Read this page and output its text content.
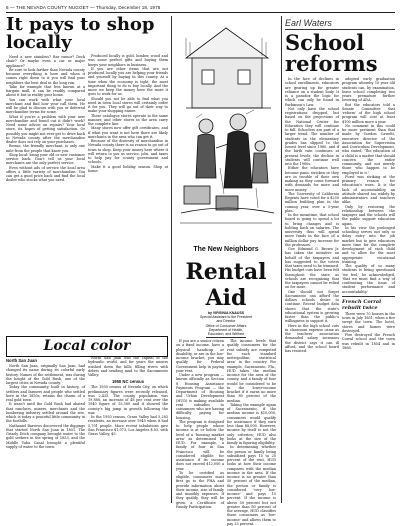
6 — THE NEVADA COUNTY NUGGET — Thursday, December 18, 1975
It pays to shop locally

Need a new stainless? Bar rumor? Deck chair? Or maybe even a car or major appliance?

Be sure to look farther than Nevada county because everything is here and when it comes right down to it you will find your neighbors the best deal in the long run.

Take for example that less known at a bargain mall, it can be readily compared about it but in reality your home.

You can work with what your local merchant and find how your call them. He will be glad to discuss with you or deferred merchandise terms for some.

What if you're a problem with your new merchandise and found out it didn't work? Need some advice on repairs? Your local store, its hopes of getting satisfaction. Or possibly you might not ever get to drive back to Nevada county after the merchandise dealer does not rely on your purchases.

Bernie, the friendly merchant, is only one mile from the people that know you.

Shop local: bring your old or new customer service back. Don't tell us your local merchants are the only perfect service.

Even without ads of service the local area offers a little variety of merchandise. You can get a good price back and find the local dealer who stocks what you need.

Produced locally is gold, lumber, wood and was some perfect gifts and buying them keeps your neighbors in business.

If you are other items that are not produced locally you are helping your friends and yourself by buying in this county. At a time when the economy is tight, the most important thing to do is buy locally. And the more we keep the money here the more it goes to work for us.

Should you not be able to find what you need in town local stores will certainly order it for you. They will go out of their way to make your shopping easier.

These catalogue stores operate in the same manner, and other stores in the area carry the complete line.

Many stores now offer gift certificates, and if what you want is not here there are likely merchants in the area who can get it.

Because of the diversity of merchandise in Nevada county there is no reason to go out of town to shop. Keep your money here where it will return to you as service, jobs, and taxes to help pay for county government and schools.

Make it a good holiday season. Shop at home.

Local color
North San Juan

North San Juan, originally San Juan, had changed its name during its colorful early history. Names of the settlement, was during the height of the Gold Rush, one of the largest cities in Nevada county.

Today the community, built in history, of settlers and farmers and people who settled here in the 1850s, retains the charm of a real gold town.

It wasn't until the Gold Rush had abated that ranchers, miners, merchants and the lumbering industry settled around the site, which is today a peaceful little community in the foothills.

Nathaniel Barrows discovered the diggings that started North San Juan in 1851. The Grizzly Ditch company brought water to the gold seekers in the spring of 1853, and the Middle Yuba Canal brought a plentiful supply of water to the town.

North San Juan was the capital of the hydraulic world, and for years the miners washed down the hills, filling rivers with debris and sending mud to the Sacramento Valley.

1950 NC census

The 1950 census of Nevada City, on which preliminary figures were recently released, was 2,435. The county population was 19,888, an increase of 48 per cent over the 1940 figure of 15,589 and it showed the county's big jump in growth following the war.

In the 1950 census, Grass Valley had 5,283 residents, an increase over 1940 when it had 5,701 people. More recent tabulations give San Francisco $1,073, Los Angeles $.03, with Grass Valley, $5.

The New Neighbors
Rental Aid
by VIRGINIA KNAUSS
Special Assistant to the President
and Director
Office of Consumer Affairs
Department of Health,
Education, and Welfare

If you are a senior citizen on a fixed income, have a physical handicap or disability, or are in the low-income bracket, you may qualify for Federal Government help in paying your rent.

Under a new program — known officially as Section 8 Housing Assistance Payments Program — the Department of Housing and Urban Development (HUD) is making available rent subsidies to consumers who are having difficulty paying for housing.

The program is designed to help people whose income is at or below the level of a 'housing market area' as determined by HUD. For example, a family of four in San Francisco will be considered eligible for assistance if its income does not exceed $12,000 a year.

To be certified as eligible, consumers must first go to the FHA and provide information about their income, size of family and monthly expenses. If they qualify, they will be given a Certificate of Family Participation.

The income levels that qualify consumers for the rent subsidy are computed for each 'standard metropolitan statistical area' in the country. For example, Sacramento, Fla., HUD takes the median income for the area of the county, and a family of four would be considered to be in the lower-income bracket if it earns no more than 80 percent of the median.

Taking the example again of Sacramento, if the median income is $10,000, consumers would qualify for assistance if they earn less than $8,000. However, income by itself is not the only criterion; HUD also looks at the size of the family in figuring eligibility.

In determining whether the person or family being subsidized pays 15 to 25 percent of the rent, HUD looks at how their income compares with the median income in the area. If the income is no greater than 50 percent of the median, the person or family is considered 'very low-income' and pays 15 percent. If the income is above 50 percent but not greater than 80 percent of the average, HUD classifies these consumers as 'low-income' and allows them to pay 25 percent.

Earl Waters
School reforms

In the face of declines in school enrollments, educators are gearing up for greater reliance on a student body. It is a paradox the logic for which can only be found in Parkinson's Law.

Not only have the school registrations dropped, but based on the projections of the National Center for Education they will continue to fall. Schoolers are part of a larger trend. The number of students in the elementary grades has slipped to the lowest level since 1960, and if the birth rate continues at present levels, the decline in students will continue well into the 1980s.

Either the educators have become panic stricken or they are in trouble of their own making as they come forward with demands for more and more money.

The University of California Regents have voted for a $250 million building plan in the coming year, over a 5-year plan.

In the meantime, that school board is going to spend a lot to bring changes and is holding back on salaries. The university thus will spend more funds in the face of a million dollar pay increase for the professors.

Gov. Edmund G. Brown Jr. has taken the initiative on behalf of the taxpayers and has suggested to the voters that taxes need to be trimmed. His budget cuts have been felt throughout the state as schools are recognizing that the taxpayers cannot be relied on for more.

One should not forget Sacramento can afford the dollars schools desire to continue. Recent budget data shows that the state's educational system is growing faster than the public's willingness to support it.

Here in the high school cuts in classroom expense came as the teachers' association demanded salary increases the district says it can ill afford, and the school board has resisted.

adopted early graduation program whereby 10 year old students can, by examination, leave school completing two years premature further lowering of ADA.

But the educators told a Senate Committee that 'reform' of the high school program will cost at least $100 million more a year.

No comment in this could be more pertinent than that made by Gordon Cawelti, executive director of the Association for Supervision and Curriculum Development, who stated, 'The education of a child is a matter that should concern the entire community, and not merely those who happen to be employed in it.'

Furst was striking at the primary reason for education's woes. It is the lack of accountability, an attitude shared too widely by administrators and teachers alike.

Only by restoring the relationship between the taxpayer and the schools will the public support education again.

In his view the prolonged schooling serves not only to delay entry into the job market but to give educators more time for the complete development of each child and to allow for the most appropriate vocational training.

The quality of so many students is being questioned 'we feel,' he acknowledged, 'that we must find a way of confronting the issue of student performance and accountability.'

French Corral rebuilt twice

There were 70 houses in the town in July 1851, when a fire swept the town. The hotel, stores and homes were destroyed.

Fire destroyed the French Corral school and the town was rebuilt in 1854 and in 1866.
